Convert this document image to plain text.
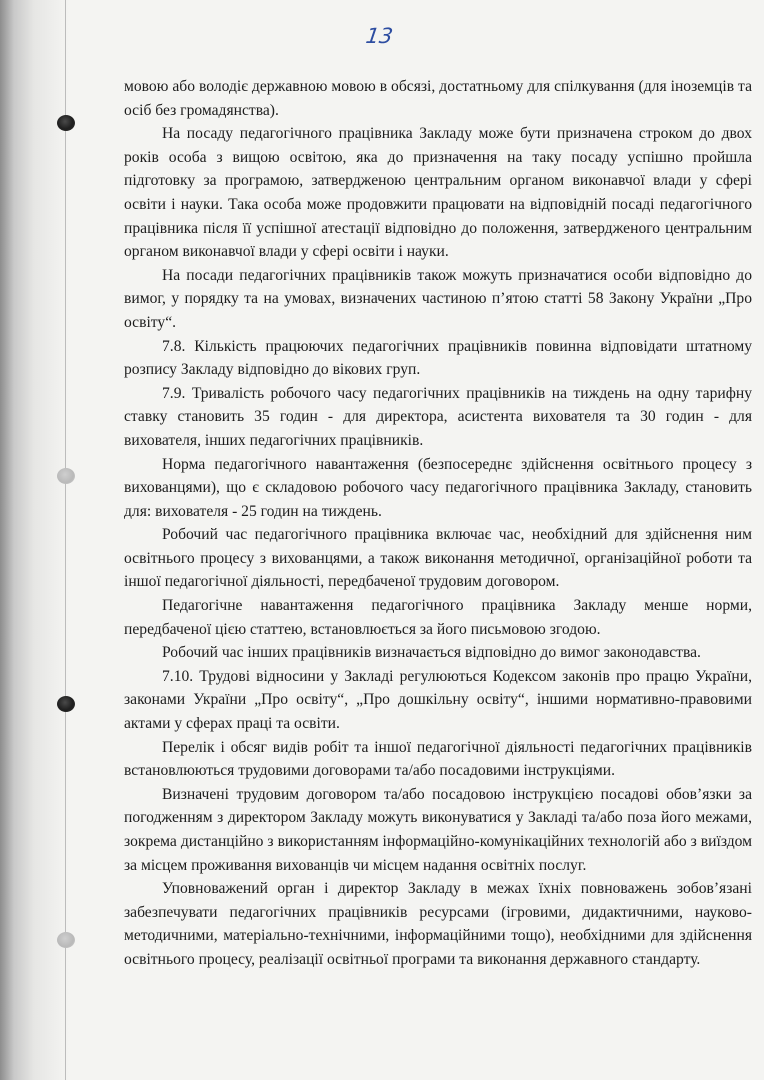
13

мовою або володіє державною мовою в обсязі, достатньому для спілкування (для іноземців та осіб без громадянства).

На посаду педагогічного працівника Закладу може бути призначена строком до двох років особа з вищою освітою, яка до призначення на таку посаду успішно пройшла підготовку за програмою, затвердженою центральним органом виконавчої влади у сфері освіти і науки. Така особа може продовжити працювати на відповідній посаді педагогічного працівника після її успішної атестації відповідно до положення, затвердженого центральним органом виконавчої влади у сфері освіти і науки.

На посади педагогічних працівників також можуть призначатися особи відповідно до вимог, у порядку та на умовах, визначених частиною п’ятою статті 58 Закону України „Про освіту“.

7.8. Кількість працюючих педагогічних працівників повинна відповідати штатному розпису Закладу відповідно до вікових груп.

7.9. Тривалість робочого часу педагогічних працівників на тиждень на одну тарифну ставку становить 35 годин - для директора, асистента вихователя та 30 годин - для вихователя, інших педагогічних працівників.

Норма педагогічного навантаження (безпосереднє здійснення освітнього процесу з вихованцями), що є складовою робочого часу педагогічного працівника Закладу, становить для: вихователя - 25 годин на тиждень.

Робочий час педагогічного працівника включає час, необхідний для здійснення ним освітнього процесу з вихованцями, а також виконання методичної, організаційної роботи та іншої педагогічної діяльності, передбаченої трудовим договором.

Педагогічне навантаження педагогічного працівника Закладу менше норми, передбаченої цією статтею, встановлюється за його письмовою згодою.

Робочий час інших працівників визначається відповідно до вимог законодавства.

7.10. Трудові відносини у Закладі регулюються Кодексом законів про працю України, законами України „Про освіту“, „Про дошкільну освіту“, іншими нормативно-правовими актами у сферах праці та освіти.

Перелік і обсяг видів робіт та іншої педагогічної діяльності педагогічних працівників встановлюються трудовими договорами та/або посадовими інструкціями.

Визначені трудовим договором та/або посадовою інструкцією посадові обов’язки за погодженням з директором Закладу можуть виконуватися у Закладі та/або поза його межами, зокрема дистанційно з використанням інформаційно-комунікаційних технологій або з виїздом за місцем проживання вихованців чи місцем надання освітніх послуг.

Уповноважений орган і директор Закладу в межах їхніх повноважень зобов’язані забезпечувати педагогічних працівників ресурсами (ігровими, дидактичними, науково-методичними, матеріально-технічними, інформаційними тощо), необхідними для здійснення освітнього процесу, реалізації освітньої програми та виконання державного стандарту.
